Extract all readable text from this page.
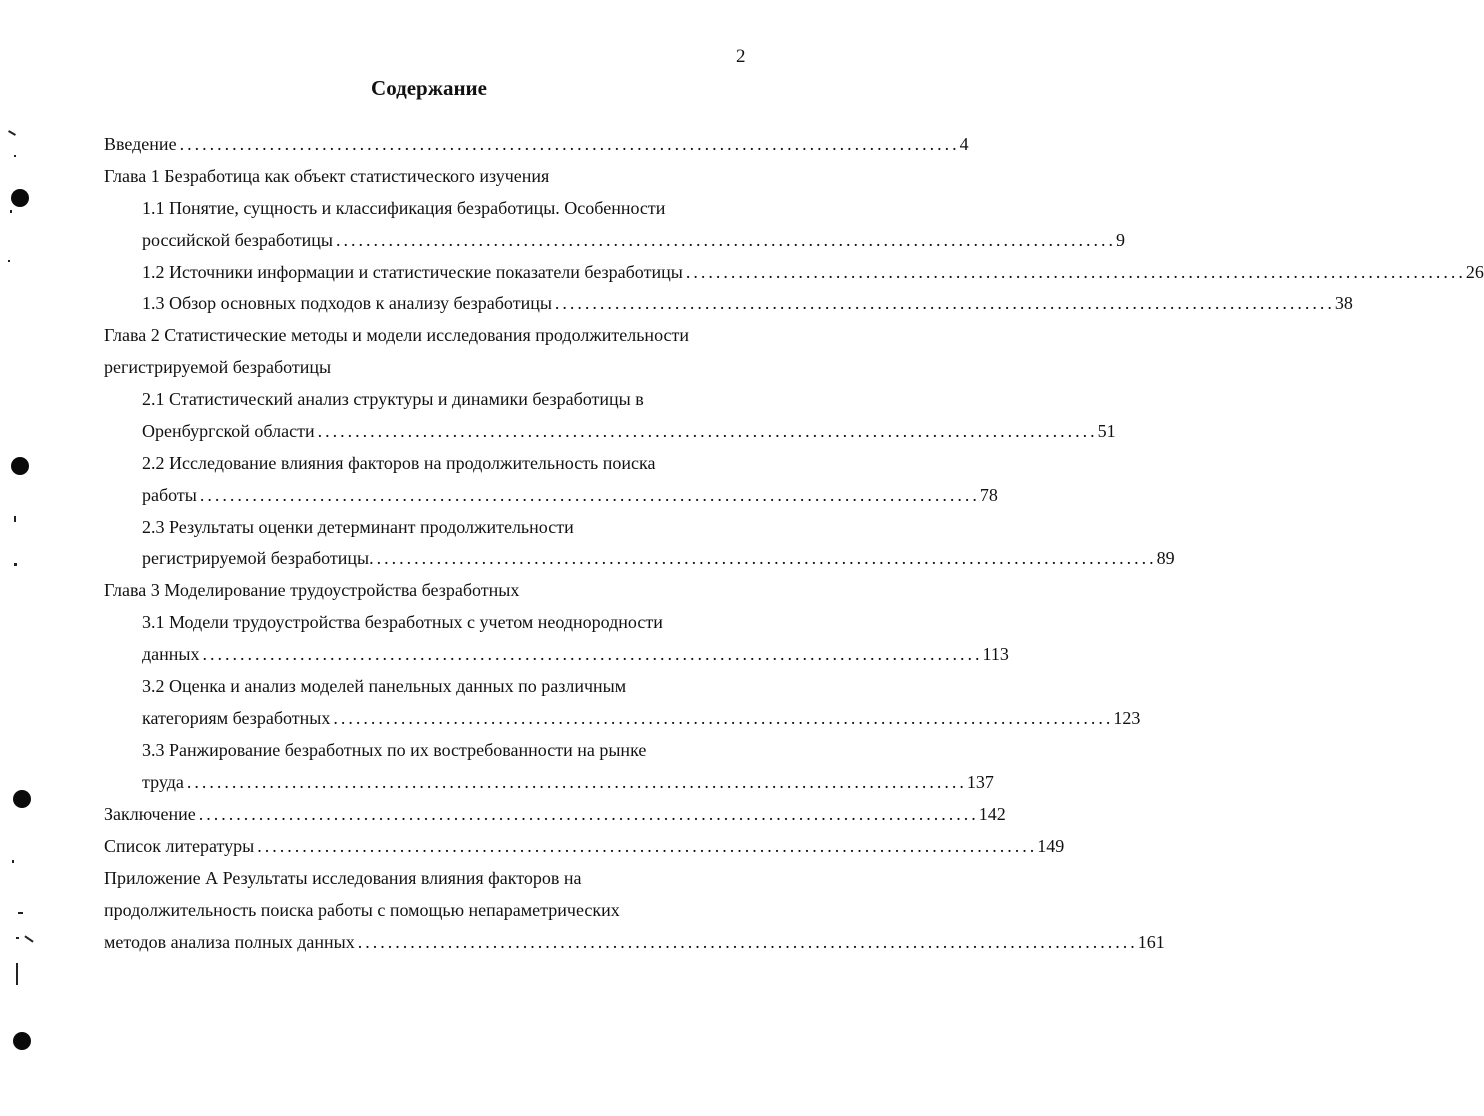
2
Содержание
Введение ........................................................................................................ 4
Глава 1 Безработица как объект статистического изучения
1.1 Понятие, сущность и классификация безработицы. Особенности
российской безработицы ........................................................................................................ 9
1.2 Источники информации и статистические показатели безработицы ........................................................................................................ 26
1.3 Обзор основных подходов к анализу безработицы ........................................................................................................ 38
Глава 2 Статистические методы и модели исследования продолжительности
регистрируемой безработицы
2.1 Статистический анализ структуры и динамики безработицы в
Оренбургской области ........................................................................................................ 51
2.2 Исследование влияния факторов на продолжительность поиска
работы ........................................................................................................ 78
2.3 Результаты оценки детерминант продолжительности
регистрируемой безработицы. ........................................................................................................ 89
Глава 3 Моделирование трудоустройства безработных
3.1 Модели трудоустройства безработных с учетом неоднородности
данных ........................................................................................................ 113
3.2 Оценка и анализ моделей панельных данных по различным
категориям безработных ........................................................................................................ 123
3.3 Ранжирование безработных по их востребованности на рынке
труда ........................................................................................................ 137
Заключение ........................................................................................................ 142
Список литературы ........................................................................................................ 149
Приложение А Результаты исследования влияния факторов на
продолжительность поиска работы с помощью непараметрических
методов анализа полных данных ........................................................................................................ 161
